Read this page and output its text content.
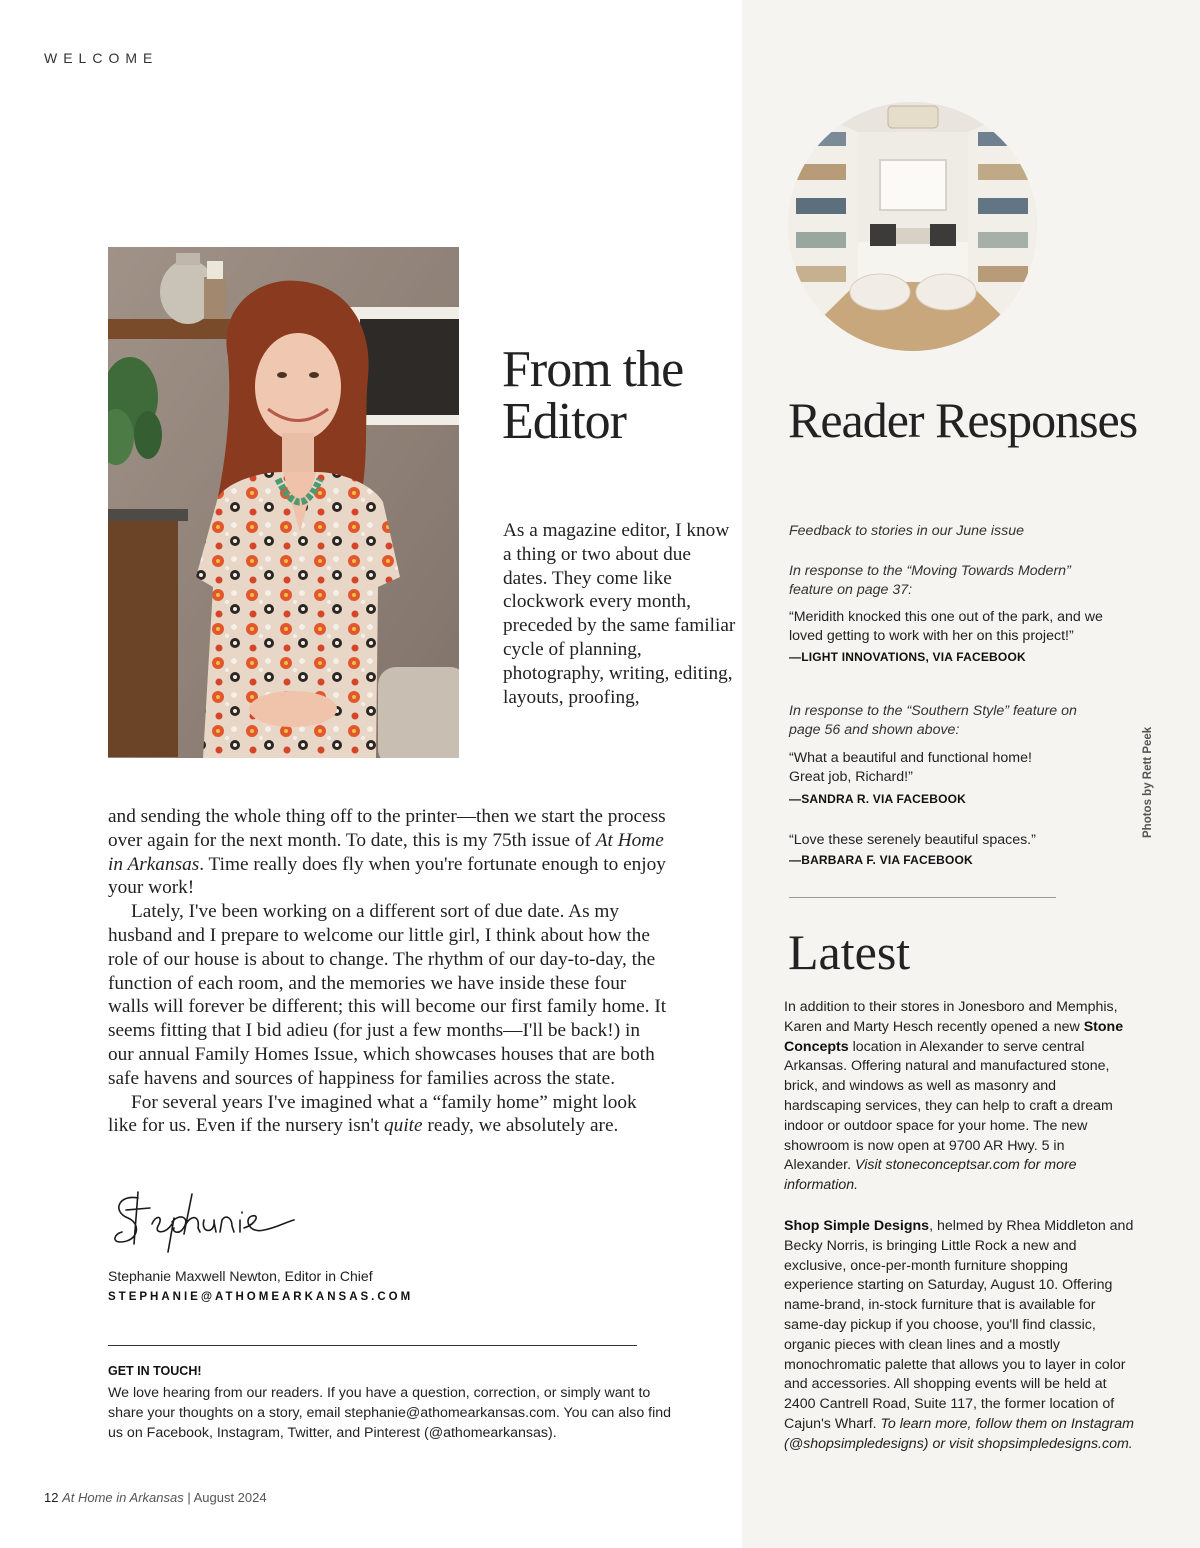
WELCOME
From the Editor
As a magazine editor, I know a thing or two about due dates. They come like clockwork every month, preceded by the same familiar cycle of planning, photography, writing, editing, layouts, proofing,

and sending the whole thing off to the printer—then we start the process over again for the next month. To date, this is my 75th issue of At Home in Arkansas. Time really does fly when you're fortunate enough to enjoy your work!

Lately, I've been working on a different sort of due date. As my husband and I prepare to welcome our little girl, I think about how the role of our house is about to change. The rhythm of our day-to-day, the function of each room, and the memories we have inside these four walls will forever be different; this will become our first family home. It seems fitting that I bid adieu (for just a few months—I'll be back!) in our annual Family Homes Issue, which showcases houses that are both safe havens and sources of happiness for families across the state.

For several years I've imagined what a “family home” might look like for us. Even if the nursery isn't quite ready, we absolutely are.

Stephanie Maxwell Newton, Editor in Chief
STEPHANIE@ATHOMEARKANSAS.COM
GET IN TOUCH!
We love hearing from our readers. If you have a question, correction, or simply want to share your thoughts on a story, email stephanie@athomearkansas.com. You can also find us on Facebook, Instagram, Twitter, and Pinterest (@athomearkansas).
12 At Home in Arkansas | August 2024
Reader Responses
Feedback to stories in our June issue
In response to the “Moving Towards Modern” feature on page 37:
“Meridith knocked this one out of the park, and we loved getting to work with her on this project!”
—LIGHT INNOVATIONS, VIA FACEBOOK
In response to the “Southern Style” feature on page 56 and shown above:
“What a beautiful and functional home! Great job, Richard!”
—SANDRA R. VIA FACEBOOK
“Love these serenely beautiful spaces.”
—BARBARA F. VIA FACEBOOK
Photos by Rett Peek
Latest
In addition to their stores in Jonesboro and Memphis, Karen and Marty Hesch recently opened a new Stone Concepts location in Alexander to serve central Arkansas. Offering natural and manufactured stone, brick, and windows as well as masonry and hardscaping services, they can help to craft a dream indoor or outdoor space for your home. The new showroom is now open at 9700 AR Hwy. 5 in Alexander. Visit stoneconceptsar.com for more information.
Shop Simple Designs, helmed by Rhea Middleton and Becky Norris, is bringing Little Rock a new and exclusive, once-per-month furniture shopping experience starting on Saturday, August 10. Offering name-brand, in-stock furniture that is available for same-day pickup if you choose, you'll find classic, organic pieces with clean lines and a mostly monochromatic palette that allows you to layer in color and accessories. All shopping events will be held at 2400 Cantrell Road, Suite 117, the former location of Cajun's Wharf. To learn more, follow them on Instagram (@shopsimpledesigns) or visit shopsimpledesigns.com.
